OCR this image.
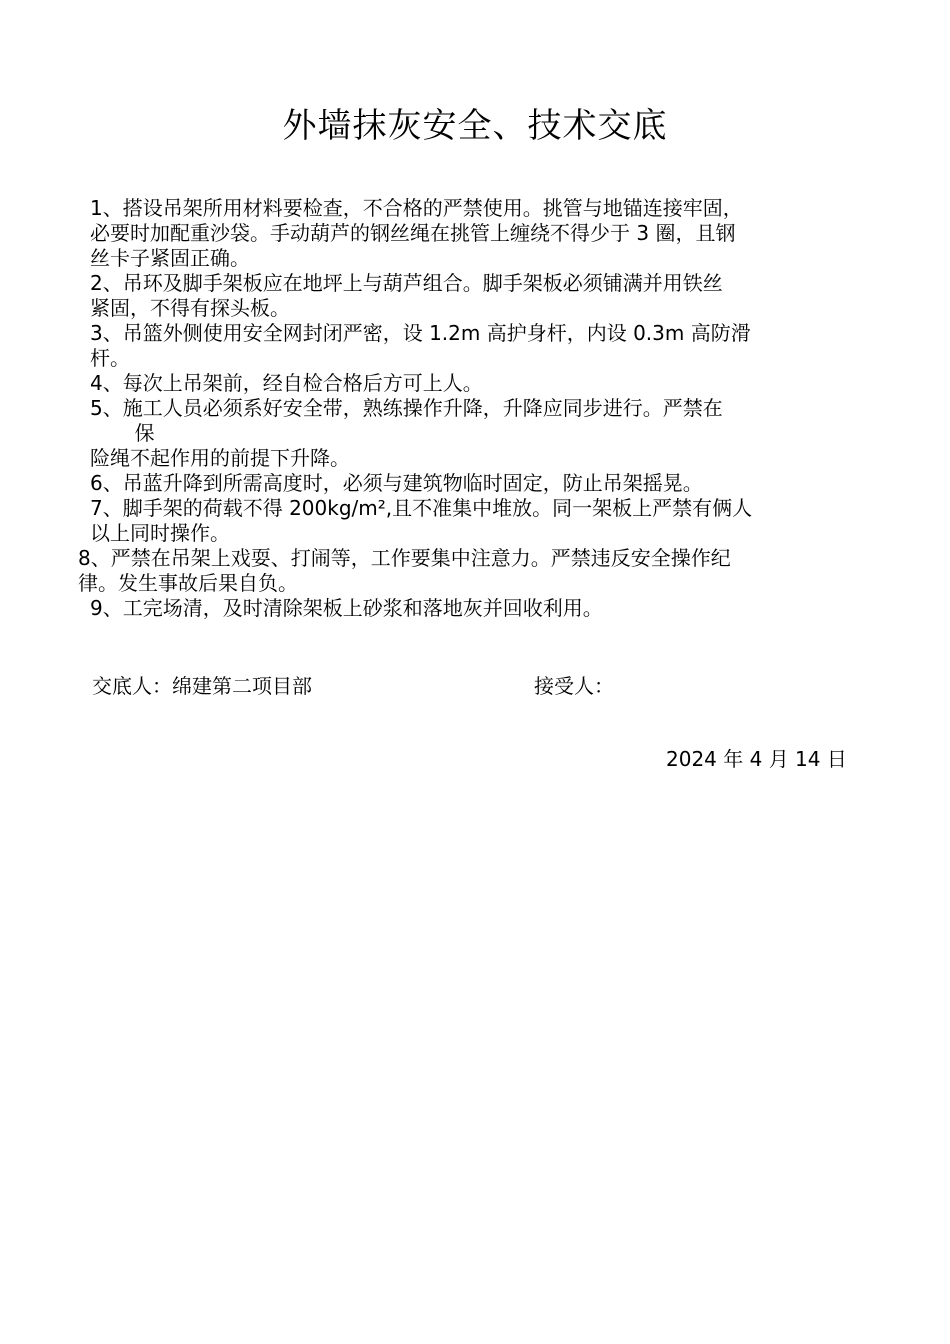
外墙抹灰安全、技术交底

1、搭设吊架所用材料要检查，不合格的严禁使用。挑管与地锚连接牢固，
必要时加配重沙袋。手动葫芦的钢丝绳在挑管上缠绕不得少于 3 圈，且钢
丝卡子紧固正确。

2、吊环及脚手架板应在地坪上与葫芦组合。脚手架板必须铺满并用铁丝
紧固，不得有探头板。

3、吊篮外侧使用安全网封闭严密，设 1.2m 高护身杆，内设 0.3m 高防滑
杆。

4、每次上吊架前，经自检合格后方可上人。

5、施工人员必须系好安全带，熟练操作升降，升降应同步进行。严禁在
保
险绳不起作用的前提下升降。

6、吊蓝升降到所需高度时，必须与建筑物临时固定，防止吊架摇晃。

7、脚手架的荷载不得 200kg/m²,且不准集中堆放。同一架板上严禁有俩人
以上同时操作。

8、严禁在吊架上戏耍、打闹等，工作要集中注意力。严禁违反安全操作纪
律。发生事故后果自负。

9、工完场清，及时清除架板上砂浆和落地灰并回收利用。

交底人：绵建第二项目部	接受人：
2024 年 4 月 14 日
